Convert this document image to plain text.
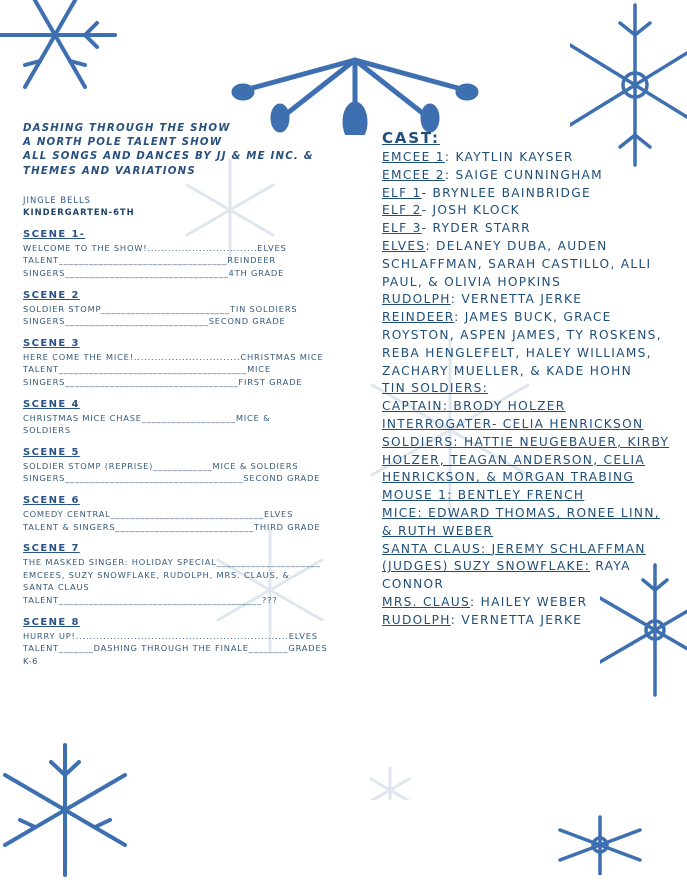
DASHING THROUGH THE SHOW
A NORTH POLE TALENT SHOW
ALL SONGS AND DANCES BY JJ & ME INC. &
THEMES AND VARIATIONS
JINGLE BELLS
KINDERGARTEN-6TH
SCENE 1-
WELCOME TO THE SHOW!................................ELVES
TALENT__________________________________REINDEER
SINGERS_________________________________4TH GRADE
SCENE 2
SOLDIER STOMP__________________________TIN SOLDIERS
SINGERS_____________________________SECOND GRADE
SCENE 3
HERE COME THE MICE!...............................CHRISTMAS MICE
TALENT______________________________________MICE
SINGERS___________________________________FIRST GRADE
SCENE 4
CHRISTMAS MICE CHASE___________________MICE &
SOLDIERS
SCENE 5
SOLDIER STOMP (REPRISE)____________MICE & SOLDIERS
SINGERS____________________________________SECOND GRADE
SCENE 6
COMEDY CENTRAL_______________________________ELVES
TALENT & SINGERS____________________________THIRD GRADE
SCENE 7
THE MASKED SINGER: HOLIDAY SPECIAL_____________________
EMCEES, SUZY SNOWFLAKE, RUDOLPH, MRS. CLAUS, &
SANTA CLAUS
TALENT_________________________________________???
SCENE 8
HURRY UP!..............................................................ELVES
TALENT_______DASHING THROUGH THE FINALE________GRADES
K-6
CAST:
EMCEE 1: KAYTLIN KAYSER
EMCEE 2: SAIGE CUNNINGHAM
ELF 1- BRYNLEE BAINBRIDGE
ELF 2- JOSH KLOCK
ELF 3- RYDER STARR
ELVES: DELANEY DUBA, AUDEN SCHLAFFMAN, SARAH CASTILLO, ALLI PAUL, & OLIVIA HOPKINS
RUDOLPH: VERNETTA JERKE
REINDEER: JAMES BUCK, GRACE ROYSTON, ASPEN JAMES, TY ROSKENS, REBA HENGLEFELT, HALEY WILLIAMS, ZACHARY MUELLER, & KADE HOHN
TIN SOLDIERS:
CAPTAIN: BRODY HOLZER
INTERROGATER- CELIA HENRICKSON
SOLDIERS: HATTIE NEUGEBAUER, KIRBY HOLZER, TEAGAN ANDERSON, CELIA HENRICKSON, & MORGAN TRABING
MOUSE 1: BENTLEY FRENCH
MICE: EDWARD THOMAS, RONEE LINN, & RUTH WEBER
SANTA CLAUS: JEREMY SCHLAFFMAN
(JUDGES) SUZY SNOWFLAKE: RAYA CONNOR
MRS. CLAUS: HAILEY WEBER
RUDOLPH: VERNETTA JERKE
